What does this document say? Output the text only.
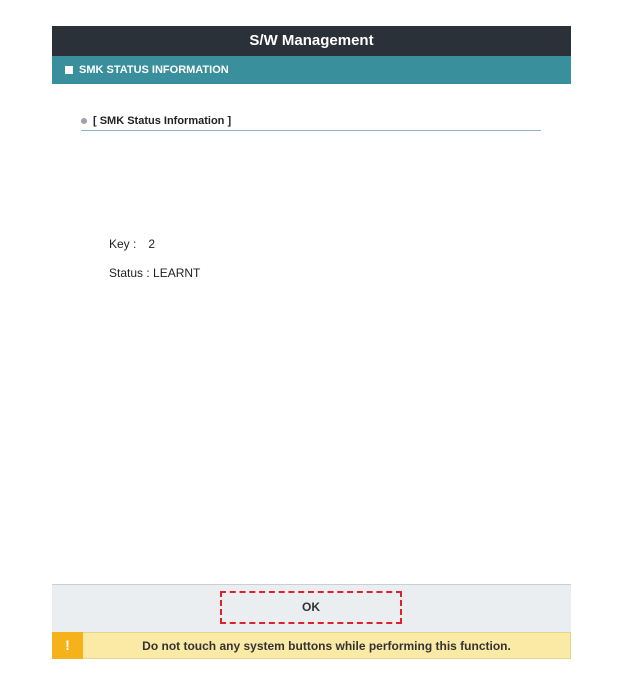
S/W Management
SMK STATUS INFORMATION
[ SMK Status Information ]
Key : 2
Status : LEARNT
OK
!	Do not touch any system buttons while performing this function.
